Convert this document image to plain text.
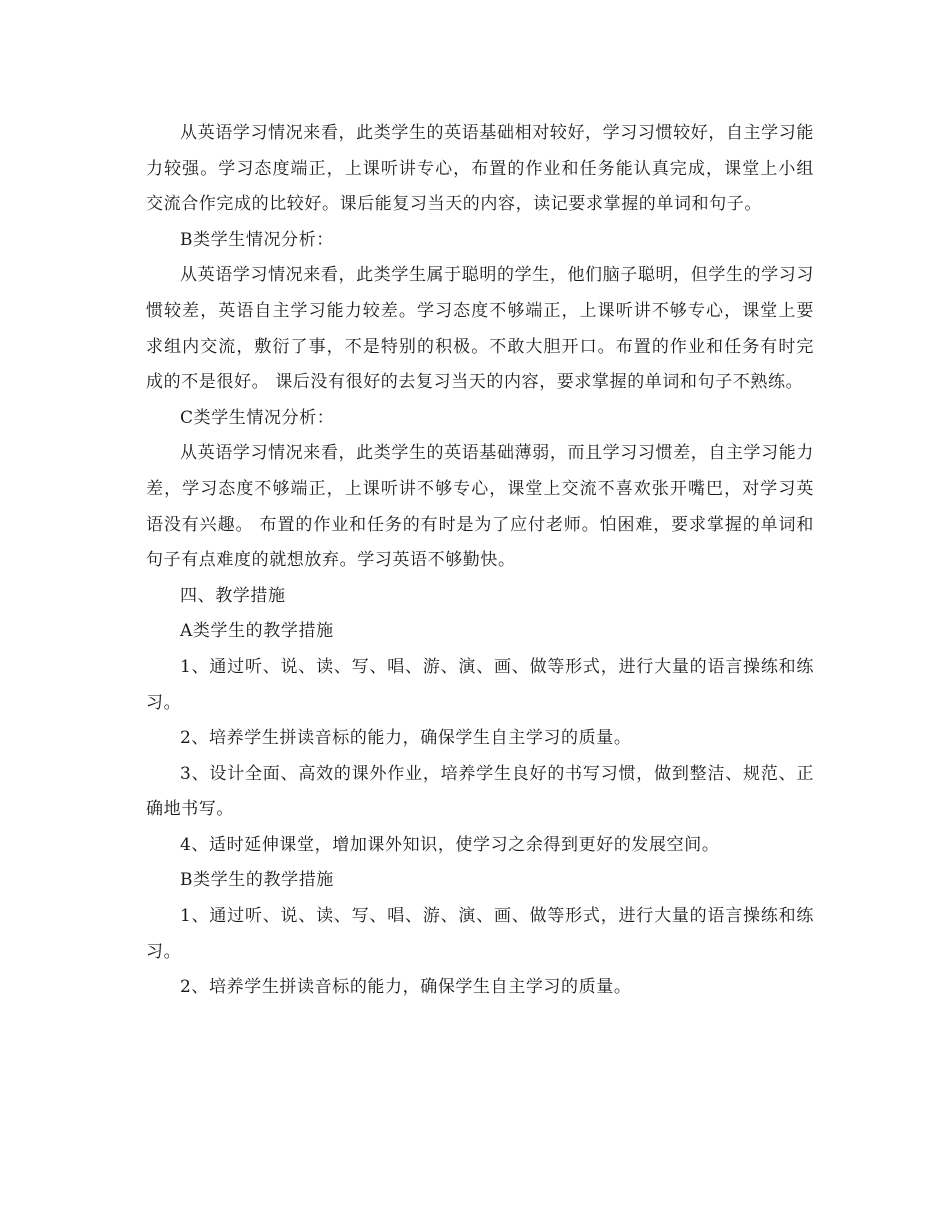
从英语学习情况来看，此类学生的英语基础相对较好，学习习惯较好，自主学习能力较强。学习态度端正，上课听讲专心，布置的作业和任务能认真完成，课堂上小组交流合作完成的比较好。课后能复习当天的内容，读记要求掌握的单词和句子。

B类学生情况分析：

从英语学习情况来看，此类学生属于聪明的学生，他们脑子聪明，但学生的学习习惯较差，英语自主学习能力较差。学习态度不够端正，上课听讲不够专心，课堂上要求组内交流，敷衍了事，不是特别的积极。不敢大胆开口。布置的作业和任务有时完成的不是很好。 课后没有很好的去复习当天的内容，要求掌握的单词和句子不熟练。

C类学生情况分析：

从英语学习情况来看，此类学生的英语基础薄弱，而且学习习惯差，自主学习能力差，学习态度不够端正，上课听讲不够专心，课堂上交流不喜欢张开嘴巴，对学习英语没有兴趣。 布置的作业和任务的有时是为了应付老师。怕困难，要求掌握的单词和句子有点难度的就想放弃。学习英语不够勤快。

四、教学措施

A类学生的教学措施

1、通过听、说、读、写、唱、游、演、画、做等形式，进行大量的语言操练和练习。

2、培养学生拼读音标的能力，确保学生自主学习的质量。

3、设计全面、高效的课外作业，培养学生良好的书写习惯，做到整洁、规范、正确地书写。

4、适时延伸课堂，增加课外知识，使学习之余得到更好的发展空间。

B类学生的教学措施

1、通过听、说、读、写、唱、游、演、画、做等形式，进行大量的语言操练和练习。

2、培养学生拼读音标的能力，确保学生自主学习的质量。
